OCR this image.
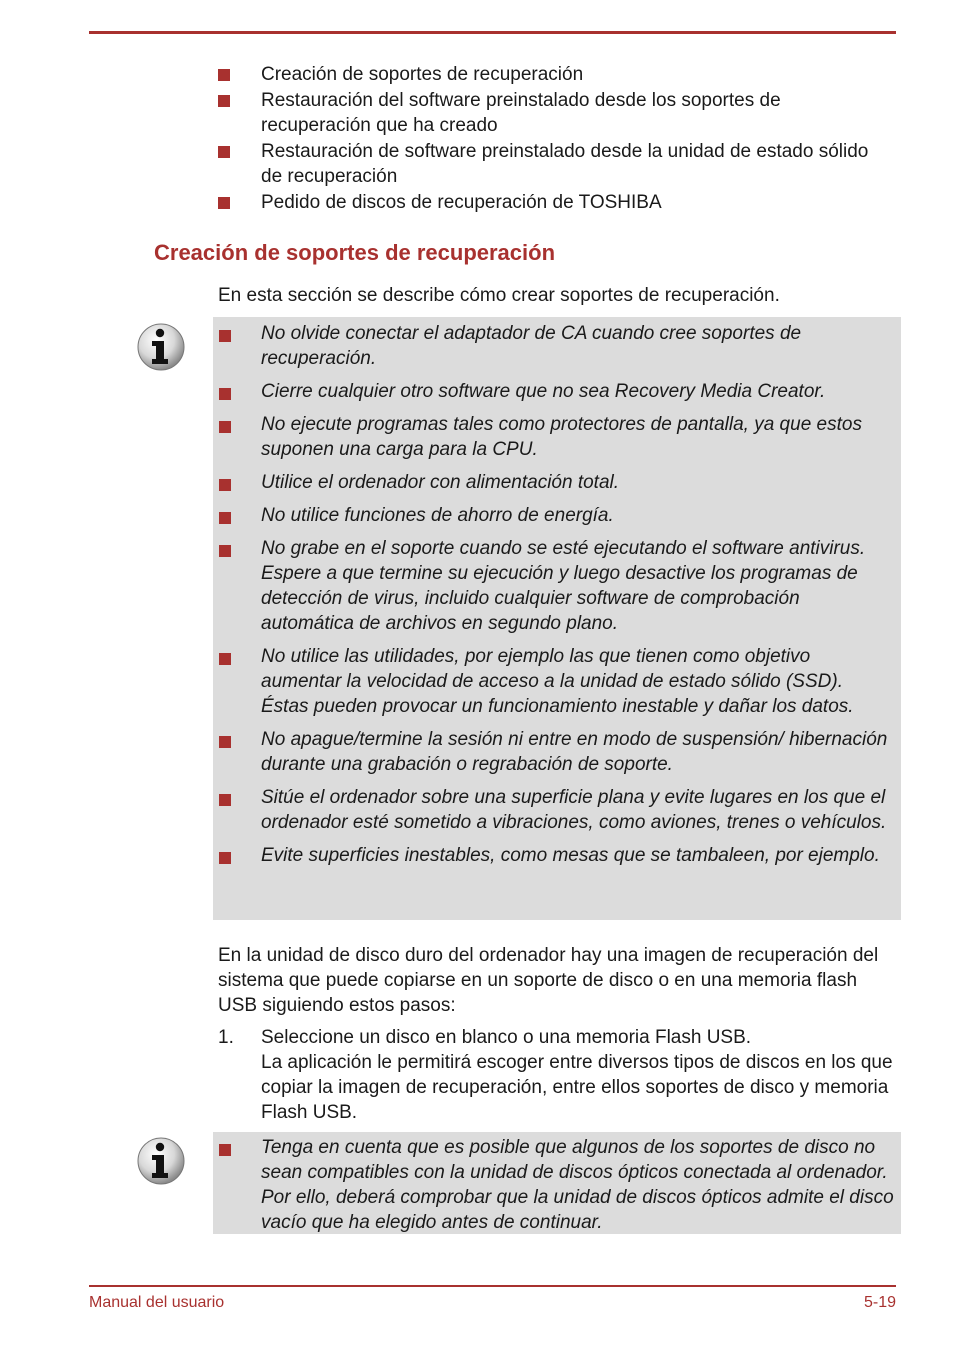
Creación de soportes de recuperación
Restauración del software preinstalado desde los soportes de recuperación que ha creado
Restauración de software preinstalado desde la unidad de estado sólido de recuperación
Pedido de discos de recuperación de TOSHIBA
Creación de soportes de recuperación

En esta sección se describe cómo crear soportes de recuperación.

No olvide conectar el adaptador de CA cuando cree soportes de recuperación.
Cierre cualquier otro software que no sea Recovery Media Creator.
No ejecute programas tales como protectores de pantalla, ya que estos suponen una carga para la CPU.
Utilice el ordenador con alimentación total.
No utilice funciones de ahorro de energía.
No grabe en el soporte cuando se esté ejecutando el software antivirus. Espere a que termine su ejecución y luego desactive los programas de detección de virus, incluido cualquier software de comprobación automática de archivos en segundo plano.
No utilice las utilidades, por ejemplo las que tienen como objetivo aumentar la velocidad de acceso a la unidad de estado sólido (SSD). Éstas pueden provocar un funcionamiento inestable y dañar los datos.
No apague/termine la sesión ni entre en modo de suspensión/ hibernación durante una grabación o regrabación de soporte.
Sitúe el ordenador sobre una superficie plana y evite lugares en los que el ordenador esté sometido a vibraciones, como aviones, trenes o vehículos.
Evite superficies inestables, como mesas que se tambaleen, por ejemplo.

En la unidad de disco duro del ordenador hay una imagen de recuperación del sistema que puede copiarse en un soporte de disco o en una memoria flash USB siguiendo estos pasos:

1. Seleccione un disco en blanco o una memoria Flash USB.
La aplicación le permitirá escoger entre diversos tipos de discos en los que copiar la imagen de recuperación, entre ellos soportes de disco y memoria Flash USB.
Tenga en cuenta que es posible que algunos de los soportes de disco no sean compatibles con la unidad de discos ópticos conectada al ordenador. Por ello, deberá comprobar que la unidad de discos ópticos admite el disco vacío que ha elegido antes de continuar.
Manual del usuario	5-19
